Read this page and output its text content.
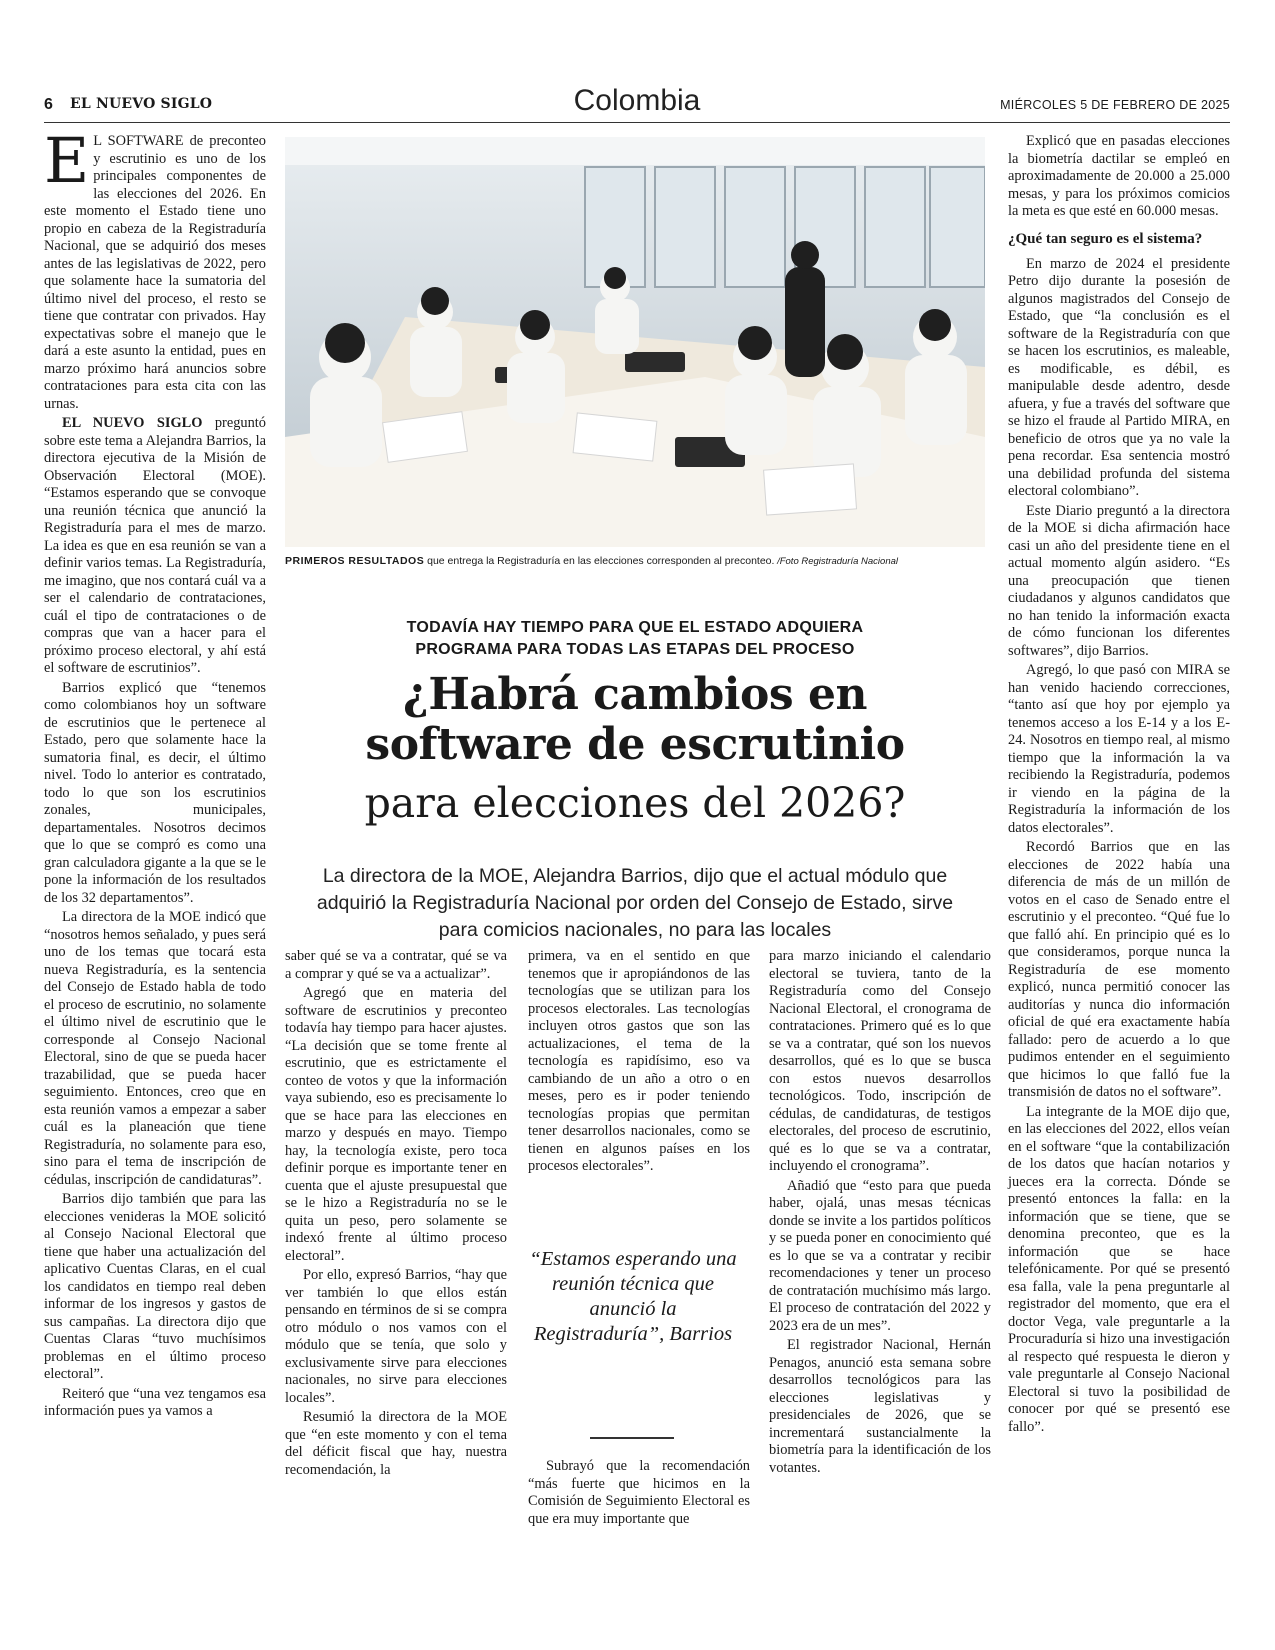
6 EL NUEVO SIGLO	Colombia	MIÉRCOLES 5 DE FEBRERO DE 2025

E L SOFTWARE de preconteo y escrutinio es uno de los principales componentes de las elecciones del 2026. En este momento el Estado tiene uno propio en cabeza de la Registraduría Nacional, que se adquirió dos meses antes de las legislativas de 2022, pero que solamente hace la sumatoria del último nivel del proceso, el resto se tiene que contratar con privados. Hay expectativas sobre el manejo que le dará a este asunto la entidad, pues en marzo próximo hará anuncios sobre contrataciones para esta cita con las urnas.

EL NUEVO SIGLO preguntó sobre este tema a Alejandra Barrios, la directora ejecutiva de la Misión de Observación Electoral (MOE). “Estamos esperando que se convoque una reunión técnica que anunció la Registraduría para el mes de marzo. La idea es que en esa reunión se van a definir varios temas. La Registraduría, me imagino, que nos contará cuál va a ser el calendario de contrataciones, cuál el tipo de contrataciones o de compras que van a hacer para el próximo proceso electoral, y ahí está el software de escrutinios”.

Barrios explicó que “tenemos como colombianos hoy un software de escrutinios que le pertenece al Estado, pero que solamente hace la sumatoria final, es decir, el último nivel. Todo lo anterior es contratado, todo lo que son los escrutinios zonales, municipales, departamentales. Nosotros decimos que lo que se compró es como una gran calculadora gigante a la que se le pone la información de los resultados de los 32 departamentos”.

La directora de la MOE indicó que “nosotros hemos señalado, y pues será uno de los temas que tocará esta nueva Registraduría, es la sentencia del Consejo de Estado habla de todo el proceso de escrutinio, no solamente el último nivel de escrutinio que le corresponde al Consejo Nacional Electoral, sino de que se pueda hacer trazabilidad, que se pueda hacer seguimiento. Entonces, creo que en esta reunión vamos a empezar a saber cuál es la planeación que tiene Registraduría, no solamente para eso, sino para el tema de inscripción de cédulas, inscripción de candidaturas”.

Barrios dijo también que para las elecciones venideras la MOE solicitó al Consejo Nacional Electoral que tiene que haber una actualización del aplicativo Cuentas Claras, en el cual los candidatos en tiempo real deben informar de los ingresos y gastos de sus campañas. La directora dijo que Cuentas Claras “tuvo muchísimos problemas en el último proceso electoral”.

Reiteró que “una vez tengamos esa información pues ya vamos a

PRIMEROS RESULTADOS que entrega la Registraduría en las elecciones corresponden al preconteo. /Foto Registraduría Nacional
TODAVÍA HAY TIEMPO PARA QUE EL ESTADO ADQUIERA
PROGRAMA PARA TODAS LAS ETAPAS DEL PROCESO
¿Habrá cambios en
software de escrutinio
para elecciones del 2026?
La directora de la MOE, Alejandra Barrios, dijo que el actual módulo que adquirió la Registraduría Nacional por orden del Consejo de Estado, sirve para comicios nacionales, no para las locales

saber qué se va a contratar, qué se va a comprar y qué se va a actualizar”.

Agregó que en materia del software de escrutinios y preconteo todavía hay tiempo para hacer ajustes. “La decisión que se tome frente al escrutinio, que es estrictamente el conteo de votos y que la información vaya subiendo, eso es precisamente lo que se hace para las elecciones en marzo y después en mayo. Tiempo hay, la tecnología existe, pero toca definir porque es importante tener en cuenta que el ajuste presupuestal que se le hizo a Registraduría no se le quita un peso, pero solamente se indexó frente al último proceso electoral”.

Por ello, expresó Barrios, “hay que ver también lo que ellos están pensando en términos de si se compra otro módulo o nos vamos con el módulo que se tenía, que solo y exclusivamente sirve para elecciones nacionales, no sirve para elecciones locales”.

Resumió la directora de la MOE que “en este momento y con el tema del déficit fiscal que hay, nuestra recomendación, la

primera, va en el sentido en que tenemos que ir apropiándonos de las tecnologías que se utilizan para los procesos electorales. Las tecnologías incluyen otros gastos que son las actualizaciones, el tema de la tecnología es rapidísimo, eso va cambiando de un año a otro o en meses, pero es ir poder teniendo tecnologías propias que permitan tener desarrollos nacionales, como se tienen en algunos países en los procesos electorales”.

“Estamos esperando una reunión técnica que anunció la Registraduría”, Barrios

Subrayó que la recomendación “más fuerte que hicimos en la Comisión de Seguimiento Electoral es que era muy importante que

para marzo iniciando el calendario electoral se tuviera, tanto de la Registraduría como del Consejo Nacional Electoral, el cronograma de contrataciones. Primero qué es lo que se va a contratar, qué son los nuevos desarrollos, qué es lo que se busca con estos nuevos desarrollos tecnológicos. Todo, inscripción de cédulas, de candidaturas, de testigos electorales, del proceso de escrutinio, qué es lo que se va a contratar, incluyendo el cronograma”.

Añadió que “esto para que pueda haber, ojalá, unas mesas técnicas donde se invite a los partidos políticos y se pueda poner en conocimiento qué es lo que se va a contratar y recibir recomendaciones y tener un proceso de contratación muchísimo más largo. El proceso de contratación del 2022 y 2023 era de un mes”.

El registrador Nacional, Hernán Penagos, anunció esta semana sobre desarrollos tecnológicos para las elecciones legislativas y presidenciales de 2026, que se incrementará sustancialmente la biometría para la identificación de los votantes.

Explicó que en pasadas elecciones la biometría dactilar se empleó en aproximadamente de 20.000 a 25.000 mesas, y para los próximos comicios la meta es que esté en 60.000 mesas.

¿Qué tan seguro es el sistema?

En marzo de 2024 el presidente Petro dijo durante la posesión de algunos magistrados del Consejo de Estado, que “la conclusión es el software de la Registraduría con que se hacen los escrutinios, es maleable, es modificable, es débil, es manipulable desde adentro, desde afuera, y fue a través del software que se hizo el fraude al Partido MIRA, en beneficio de otros que ya no vale la pena recordar. Esa sentencia mostró una debilidad profunda del sistema electoral colombiano”.

Este Diario preguntó a la directora de la MOE si dicha afirmación hace casi un año del presidente tiene en el actual momento algún asidero. “Es una preocupación que tienen ciudadanos y algunos candidatos que no han tenido la información exacta de cómo funcionan los diferentes softwares”, dijo Barrios.

Agregó, lo que pasó con MIRA se han venido haciendo correcciones, “tanto así que hoy por ejemplo ya tenemos acceso a los E-14 y a los E-24. Nosotros en tiempo real, al mismo tiempo que la información la va recibiendo la Registraduría, podemos ir viendo en la página de la Registraduría la información de los datos electorales”.

Recordó Barrios que en las elecciones de 2022 había una diferencia de más de un millón de votos en el caso de Senado entre el escrutinio y el preconteo. “Qué fue lo que falló ahí. En principio qué es lo que consideramos, porque nunca la Registraduría de ese momento explicó, nunca permitió conocer las auditorías y nunca dio información oficial de qué era exactamente había fallado: pero de acuerdo a lo que pudimos entender en el seguimiento que hicimos lo que falló fue la transmisión de datos no el software”.

La integrante de la MOE dijo que, en las elecciones del 2022, ellos veían en el software “que la contabilización de los datos que hacían notarios y jueces era la correcta. Dónde se presentó entonces la falla: en la información que se tiene, que se denomina preconteo, que es la información que se hace telefónicamente. Por qué se presentó esa falla, vale la pena preguntarle al registrador del momento, que era el doctor Vega, vale preguntarle a la Procuraduría si hizo una investigación al respecto qué respuesta le dieron y vale preguntarle al Consejo Nacional Electoral si tuvo la posibilidad de conocer por qué se presentó ese fallo”.
